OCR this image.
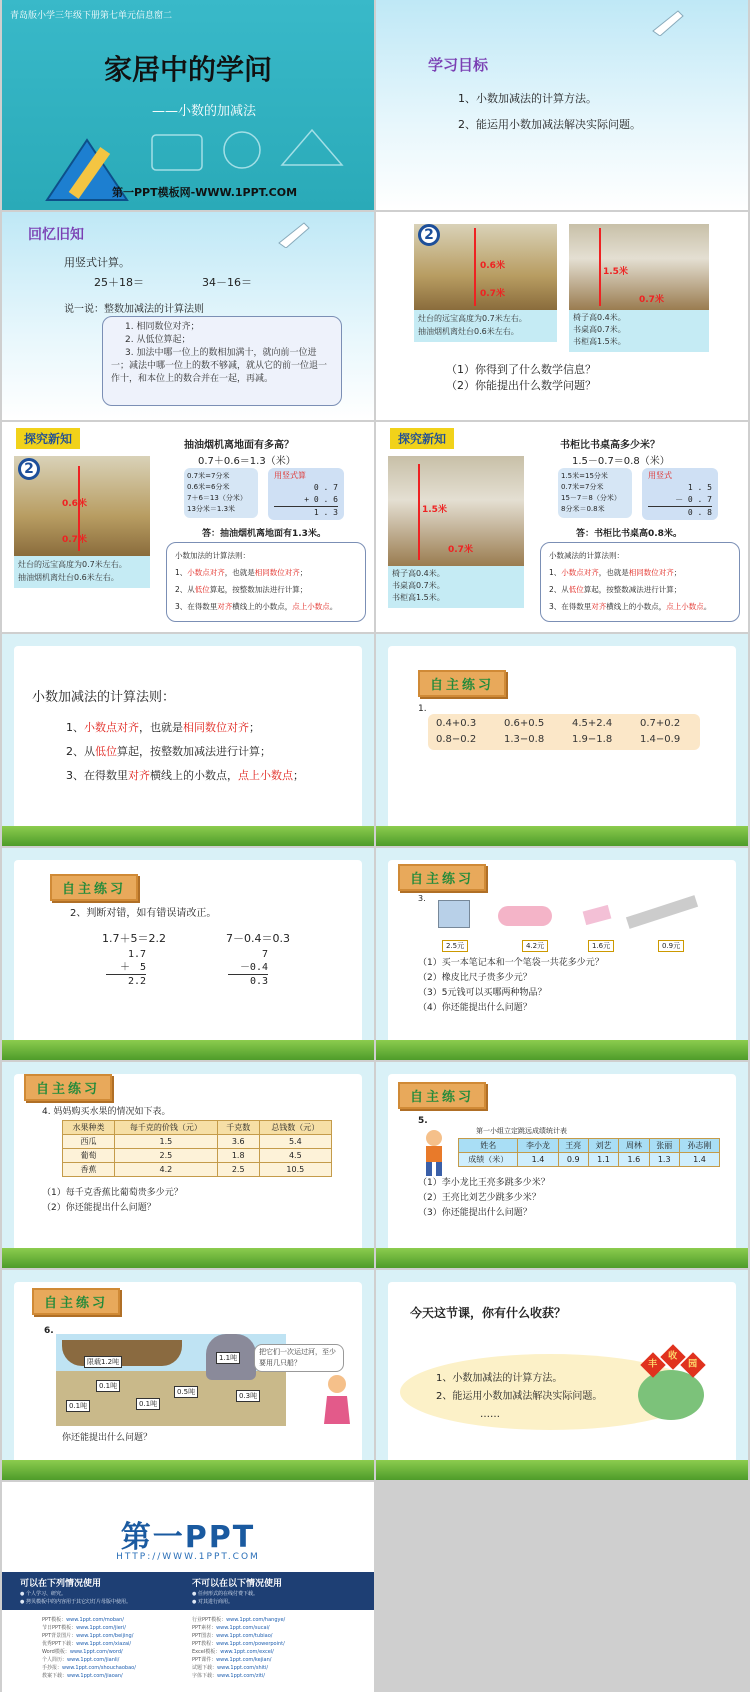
青岛版小学三年级下册第七单元信息窗二
家居中的学问
——小数的加减法
第一PPT模板网-WWW.1PPT.COM
学习目标
1、小数加减法的计算方法。
2、能运用小数加减法解决实际问题。
回忆旧知
用竖式计算。
25＋18＝	34－16＝
说一说：整数加减法的计算法则
1. 相同数位对齐；
2. 从低位算起；
3. 加法中哪一位上的数相加满十，就向前一位进一；减法中哪一位上的数不够减，就从它的前一位退一作十，和本位上的数合并在一起，再减。
0.6米
0.7米
2
1.5米
0.7米
灶台的远宝高度为0.7米左右。
抽油烟机离灶台0.6米左右。
椅子高0.4米。
书桌高0.7米。
书柜高1.5米。
（1）你得到了什么数学信息？
（2）你能提出什么数学问题？
探究新知
0.6米
0.7米
2
灶台的远宝高度为0.7米左右。
抽油烟机离灶台0.6米左右。
抽油烟机离地面有多高？
0.7＋0.6＝1.3（米）
0.7米=7分米
0.6米=6分米
7＋6＝13（分米）
13分米＝1.3米
用竖式算
0 . 7
+ 0 . 6
1 . 3
答：抽油烟机离地面有1.3米。
小数加法的计算法则：
1、小数点对齐，也就是相同数位对齐；
2、从低位算起，按整数加法进行计算；
3、在得数里对齐横线上的小数点，点上小数点。
探究新知
1.5米
0.7米
椅子高0.4米。
书桌高0.7米。
书柜高1.5米。
书柜比书桌高多少米？
1.5－0.7＝0.8（米）
1.5米=15分米
0.7米=7分米
15－7＝8（分米）
8分米＝0.8米
用竖式
1 . 5
－ 0 . 7
0 . 8
答：书柜比书桌高0.8米。
小数减法的计算法则：
1、小数点对齐，也就是相同数位对齐；
2、从低位算起，按整数减法进行计算；
3、在得数里对齐横线上的小数点，点上小数点。
小数加减法的计算法则：
1、小数点对齐，也就是相同数位对齐；
2、从低位算起，按整数加减法进行计算；
3、在得数里对齐横线上的小数点，点上小数点；
自主练习
1.
0.4+0.3	0.6+0.5	4.5+2.4	0.7+0.2
0.8−0.2	1.3−0.8	1.9−1.8	1.4−0.9
自主练习
2、判断对错，如有错误请改正。
1.7＋5＝2.2	7－0.4＝0.3
1.7
＋　5
2.2
7
－0.4
0.3
自主练习
3.
2.5元	4.2元	1.6元	0.9元
（1）买一本笔记本和一个笔袋一共花多少元？
（2）橡皮比尺子贵多少元？
（3）5元钱可以买哪两种物品？
（4）你还能提出什么问题？
自主练习
4. 妈妈购买水果的情况如下表。
水果种类	每千克的价钱（元）	千克数	总钱数（元）
西瓜	1.5	3.6	5.4
葡萄	2.5	1.8	4.5
香蕉	4.2	2.5	10.5
（1）每千克香蕉比葡萄贵多少元？
（2）你还能提出什么问题？
自主练习
5.
第一小组立定跳远成绩统计表
姓名	李小龙	王亮	刘艺	周林	张丽	孙志刚
成绩（米）	1.4	0.9	1.1	1.6	1.3	1.4
（1）李小龙比王亮多跳多少米？
（2）王亮比刘艺少跳多少米？
（3）你还能提出什么问题？
自主练习
6.
限载1.2吨	1.1吨
0.1吨
0.1吨	0.1吨
0.5吨	0.3吨
把它们一次运过河，至少要用几只船？
你还能提出什么问题？
今天这节课，你有什么收获？
1、小数加减法的计算方法。
2、能运用小数加减法解决实际问题。
……
丰
收
园
第一PPT
HTTP://WWW.1PPT.COM
可以在下列情况使用
● 个人学习、研究。
● 拷贝模板中的内容用于其它幻灯片母版中使用。
不可以在以下情况使用
● 任何形式的在线付费下载。
● 对其进行商用。
PPT模板：www.1ppt.com/moban/
节日PPT模板：www.1ppt.com/jieri/
PPT背景图片：www.1ppt.com/beijing/
优秀PPT下载：www.1ppt.com/xiazai/
Word模板：www.1ppt.com/word/
个人简历：www.1ppt.com/jianli/
手抄报：www.1ppt.com/shouchaobao/
教案下载：www.1ppt.com/jiaoan/
行业PPT模板：www.1ppt.com/hangye/
PPT素材：www.1ppt.com/sucai/
PPT图表：www.1ppt.com/tubiao/
PPT教程：www.1ppt.com/powerpoint/
Excel模板：www.1ppt.com/excel/
PPT课件：www.1ppt.com/kejian/
试题下载：www.1ppt.com/shiti/
字体下载：www.1ppt.com/ziti/
